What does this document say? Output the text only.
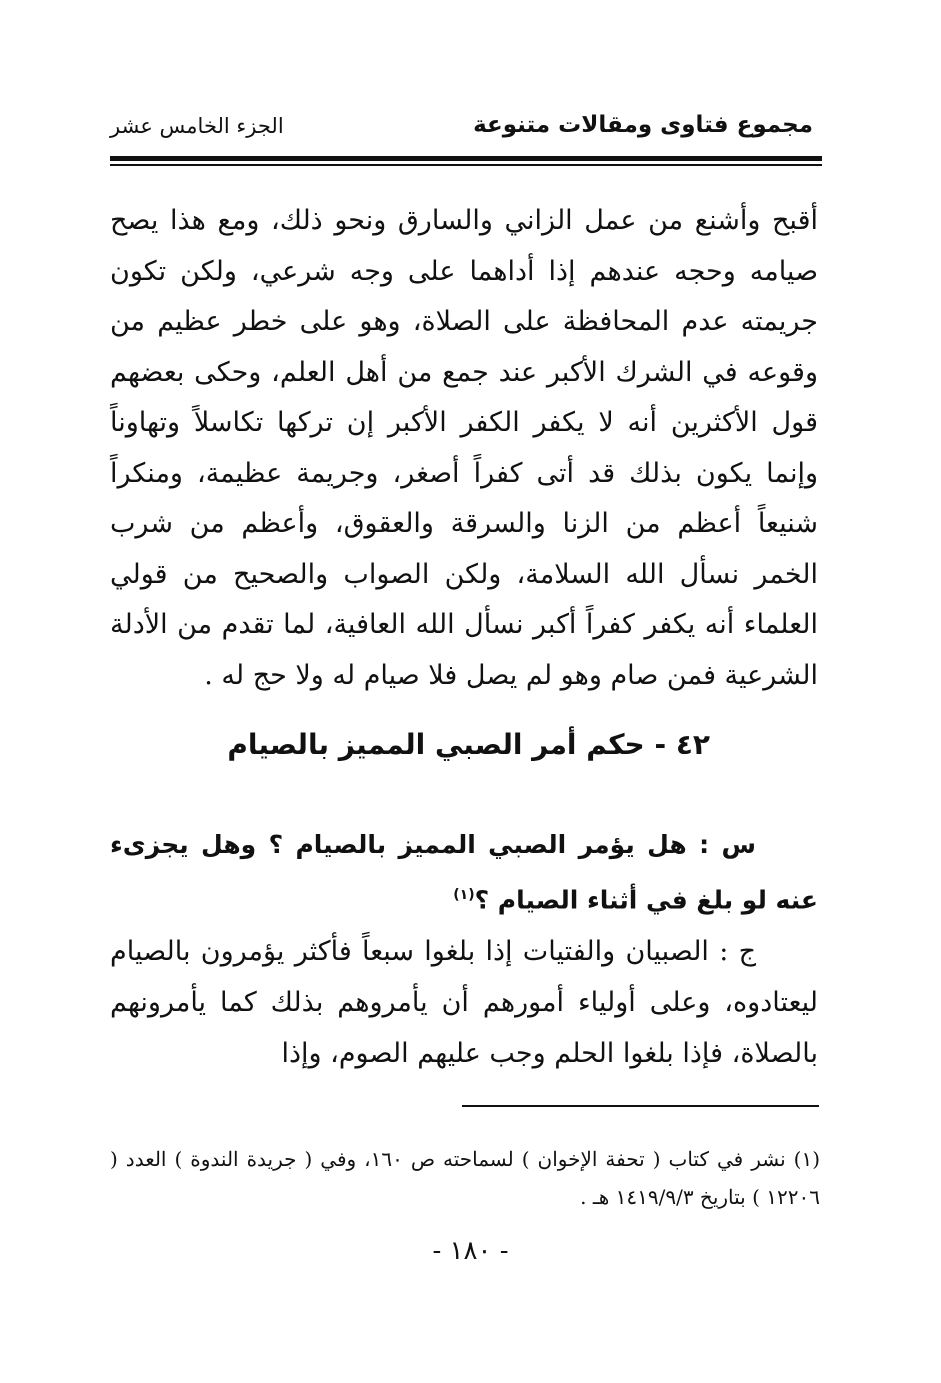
مجموع فتاوى ومقالات متنوعة
الجزء الخامس عشر

أقبح وأشنع من عمل الزاني والسارق ونحو ذلك، ومع هذا يصح صيامه وحجه عندهم إذا أداهما على وجه شرعي، ولكن تكون جريمته عدم المحافظة على الصلاة، وهو على خطر عظيم من وقوعه في الشرك الأكبر عند جمع من أهل العلم، وحكى بعضهم قول الأكثرين أنه لا يكفر الكفر الأكبر إن تركها تكاسلاً وتهاوناً وإنما يكون بذلك قد أتى كفراً أصغر، وجريمة عظيمة، ومنكراً شنيعاً أعظم من الزنا والسرقة والعقوق، وأعظم من شرب الخمر نسأل الله السلامة، ولكن الصواب والصحيح من قولي العلماء أنه يكفر كفراً أكبر نسأل الله العافية، لما تقدم من الأدلة الشرعية فمن صام وهو لم يصل فلا صيام له ولا حج له .

٤٢ - حكم أمر الصبي المميز بالصيام
س : هل يؤمر الصبي المميز بالصيام ؟ وهل يجزىء عنه لو بلغ في أثناء الصيام ؟$^{(١)}$
ج : الصبيان والفتيات إذا بلغوا سبعاً فأكثر يؤمرون بالصيام ليعتادوه، وعلى أولياء أمورهم أن يأمروهم بذلك كما يأمرونهم بالصلاة، فإذا بلغوا الحلم وجب عليهم الصوم، وإذا
(١) نشر في كتاب ( تحفة الإخوان ) لسماحته ص ١٦٠، وفي ( جريدة الندوة ) العدد ( ١٢٢٠٦ ) بتاريخ ١٤١٩/٩/٣ هـ .
- ١٨٠ -
